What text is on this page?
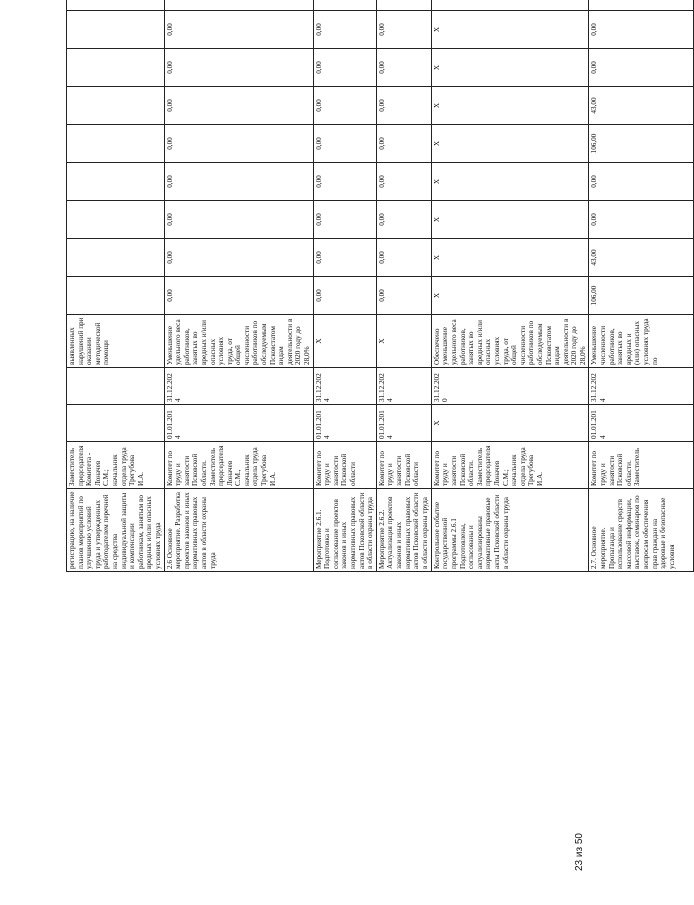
регистрацию, на наличие планов мероприятий по улучшению условий труда и утвержденных работодателем перечней на средства индивидуальной защиты и компенсации работникам, занятым во вредных и/или опасных условиях труда	Заместитель председателя Комитета - Лоначев С.М.; начальник отдела труда Трегубова И.А.			выявленных нарушений при оказании методической помощи												
2.6 Основное мероприятие. Разработка проектов законов и иных нормативных правовых актов в области охраны труда	Комитет по труду и занятости Псковской области. Заместитель председателя Лоначев С.М., начальник отдела труда Трегубова И.А.	01.01.2014	31.12.2024	Уменьшение удельного веса работников, занятых во вредных и/или опасных условиях труда, от общей численности работников по обследуемым Псковстатом видам деятельности в 2020 году до 28,0%	0,00	0,00	0,00	0,00	0,00	0,00	0,00	0,00				
Мероприятие 2.6.1. Подготовка и согласование проектов законов и иных нормативных правовых актов Псковской области в области охраны труда	Комитет по труду и занятости Псковской области	01.01.2014	31.12.2024	X	0,00	0,00	0,00	0,00	0,00	0,00	0,00	0,00				
Мероприятие 2.6.2. Актуализация проектов законов и иных нормативных правовых актов Псковской области в области охраны труда	Комитет по труду и занятости Псковской области	01.01.2014	31.12.2024	X	0,00	0,00	0,00	0,00	0,00	0,00	0,00	0,00				
Контрольное событие государственной программы 2.6.1 Подготовлены, согласованы и актуализированы нормативные правовые акты Псковской области в области охраны труда	Комитет по труду и занятости Псковской области. Заместитель председателя Лоначев С.М.; начальник отдела труда Трегубова И.А.	X	31.12.2020	Обеспечено уменьшение удельного веса работников, занятых во вредных и/или опасных условиях труда, от общей численности работников по обследуемым Псковстатом видам деятельности в 2020 году до 28,0%	X	X	X	X	X	X	X	X				
2.7. Основное мероприятие. Пропаганда и использование средств массовой информации, выставок, семинаров по вопросам обеспечения прав граждан на здоровые и безопасные условия	Комитет по труду и занятости Псковской области. Заместитель	01.01.2014	31.12.2024	Уменьшение численности работников, занятых во вредных и (или) опасных условиях труда по	106,00	43,00	0,00	0,00	106,00	43,00	0,00	0,00				
23 из 50
